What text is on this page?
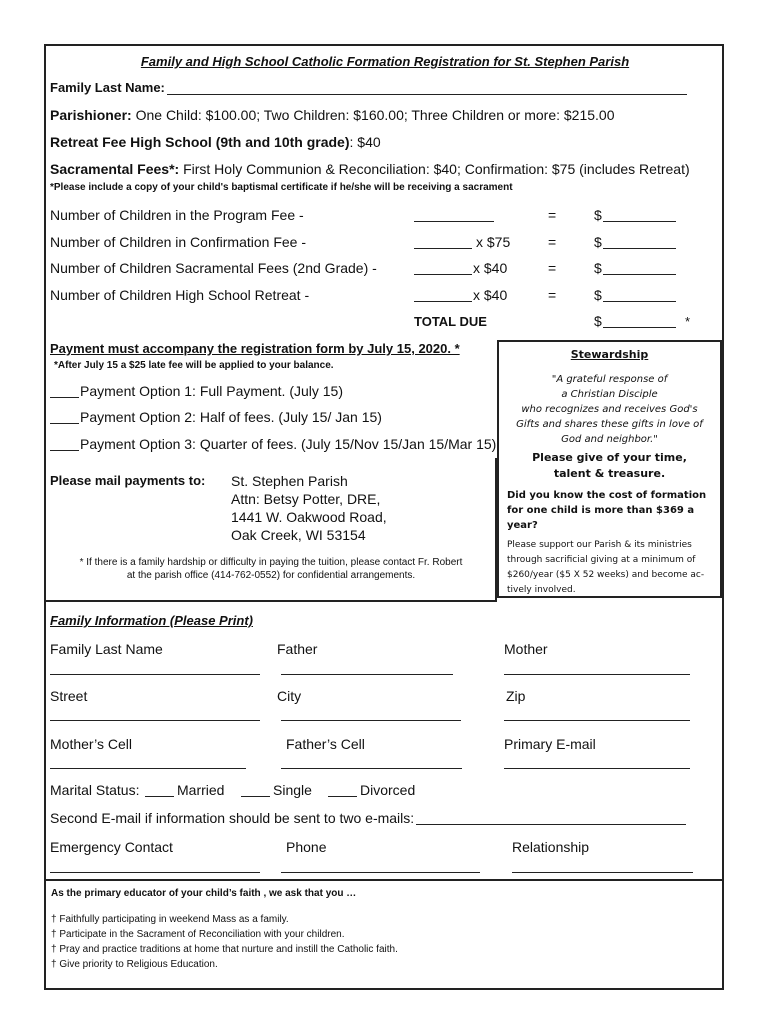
Family and High School Catholic Formation Registration for St. Stephen Parish
Family Last Name:
Parishioner: One Child: $100.00; Two Children: $160.00; Three Children or more: $215.00
Retreat Fee High School (9th and 10th grade): $40
Sacramental Fees*: First Holy Communion & Reconciliation: $40; Confirmation: $75 (includes Retreat)
*Please include a copy of your child's baptismal certificate if he/she will be receiving a sacrament
Number of Children in the Program Fee -	=	$
Number of Children in Confirmation Fee -	x $75	=	$
Number of Children Sacramental Fees (2nd Grade) -	x $40	=	$
Number of Children High School Retreat -	x $40	=	$
TOTAL DUE	$	*
Payment must accompany the registration form by July 15, 2020. *
*After July 15 a $25 late fee will be applied to your balance.
Payment Option 1: Full Payment. (July 15)
Payment Option 2: Half of fees. (July 15/ Jan 15)
Payment Option 3: Quarter of fees. (July 15/Nov 15/Jan 15/Mar 15)
Please mail payments to: St. Stephen Parish
Attn: Betsy Potter, DRE,
1441 W. Oakwood Road,
Oak Creek, WI 53154
* If there is a family hardship or difficulty in paying the tuition, please contact Fr. Robert
at the parish office (414-762-0552) for confidential arrangements.
Stewardship
"A grateful response of
a Christian Disciple
who recognizes and receives God's
Gifts and shares these gifts in love of
God and neighbor."
Please give of your time,
talent & treasure.
Did you know the cost of formation
for one child is more than $369 a
year?
Please support our Parish & its ministries
through sacrificial giving at a minimum of
$260/year ($5 X 52 weeks) and become ac-
tively involved.
Family Information (Please Print)
Family Last Name	Father	Mother
Street	City	Zip
Mother’s Cell	Father’s Cell	Primary E-mail
Marital Status:	Married	Single	Divorced
Second E-mail if information should be sent to two e-mails:
Emergency Contact	Phone	Relationship
As the primary educator of your child’s faith , we ask that you …
† Faithfully participating in weekend Mass as a family.
† Participate in the Sacrament of Reconciliation with your children.
† Pray and practice traditions at home that nurture and instill the Catholic faith.
† Give priority to Religious Education.
